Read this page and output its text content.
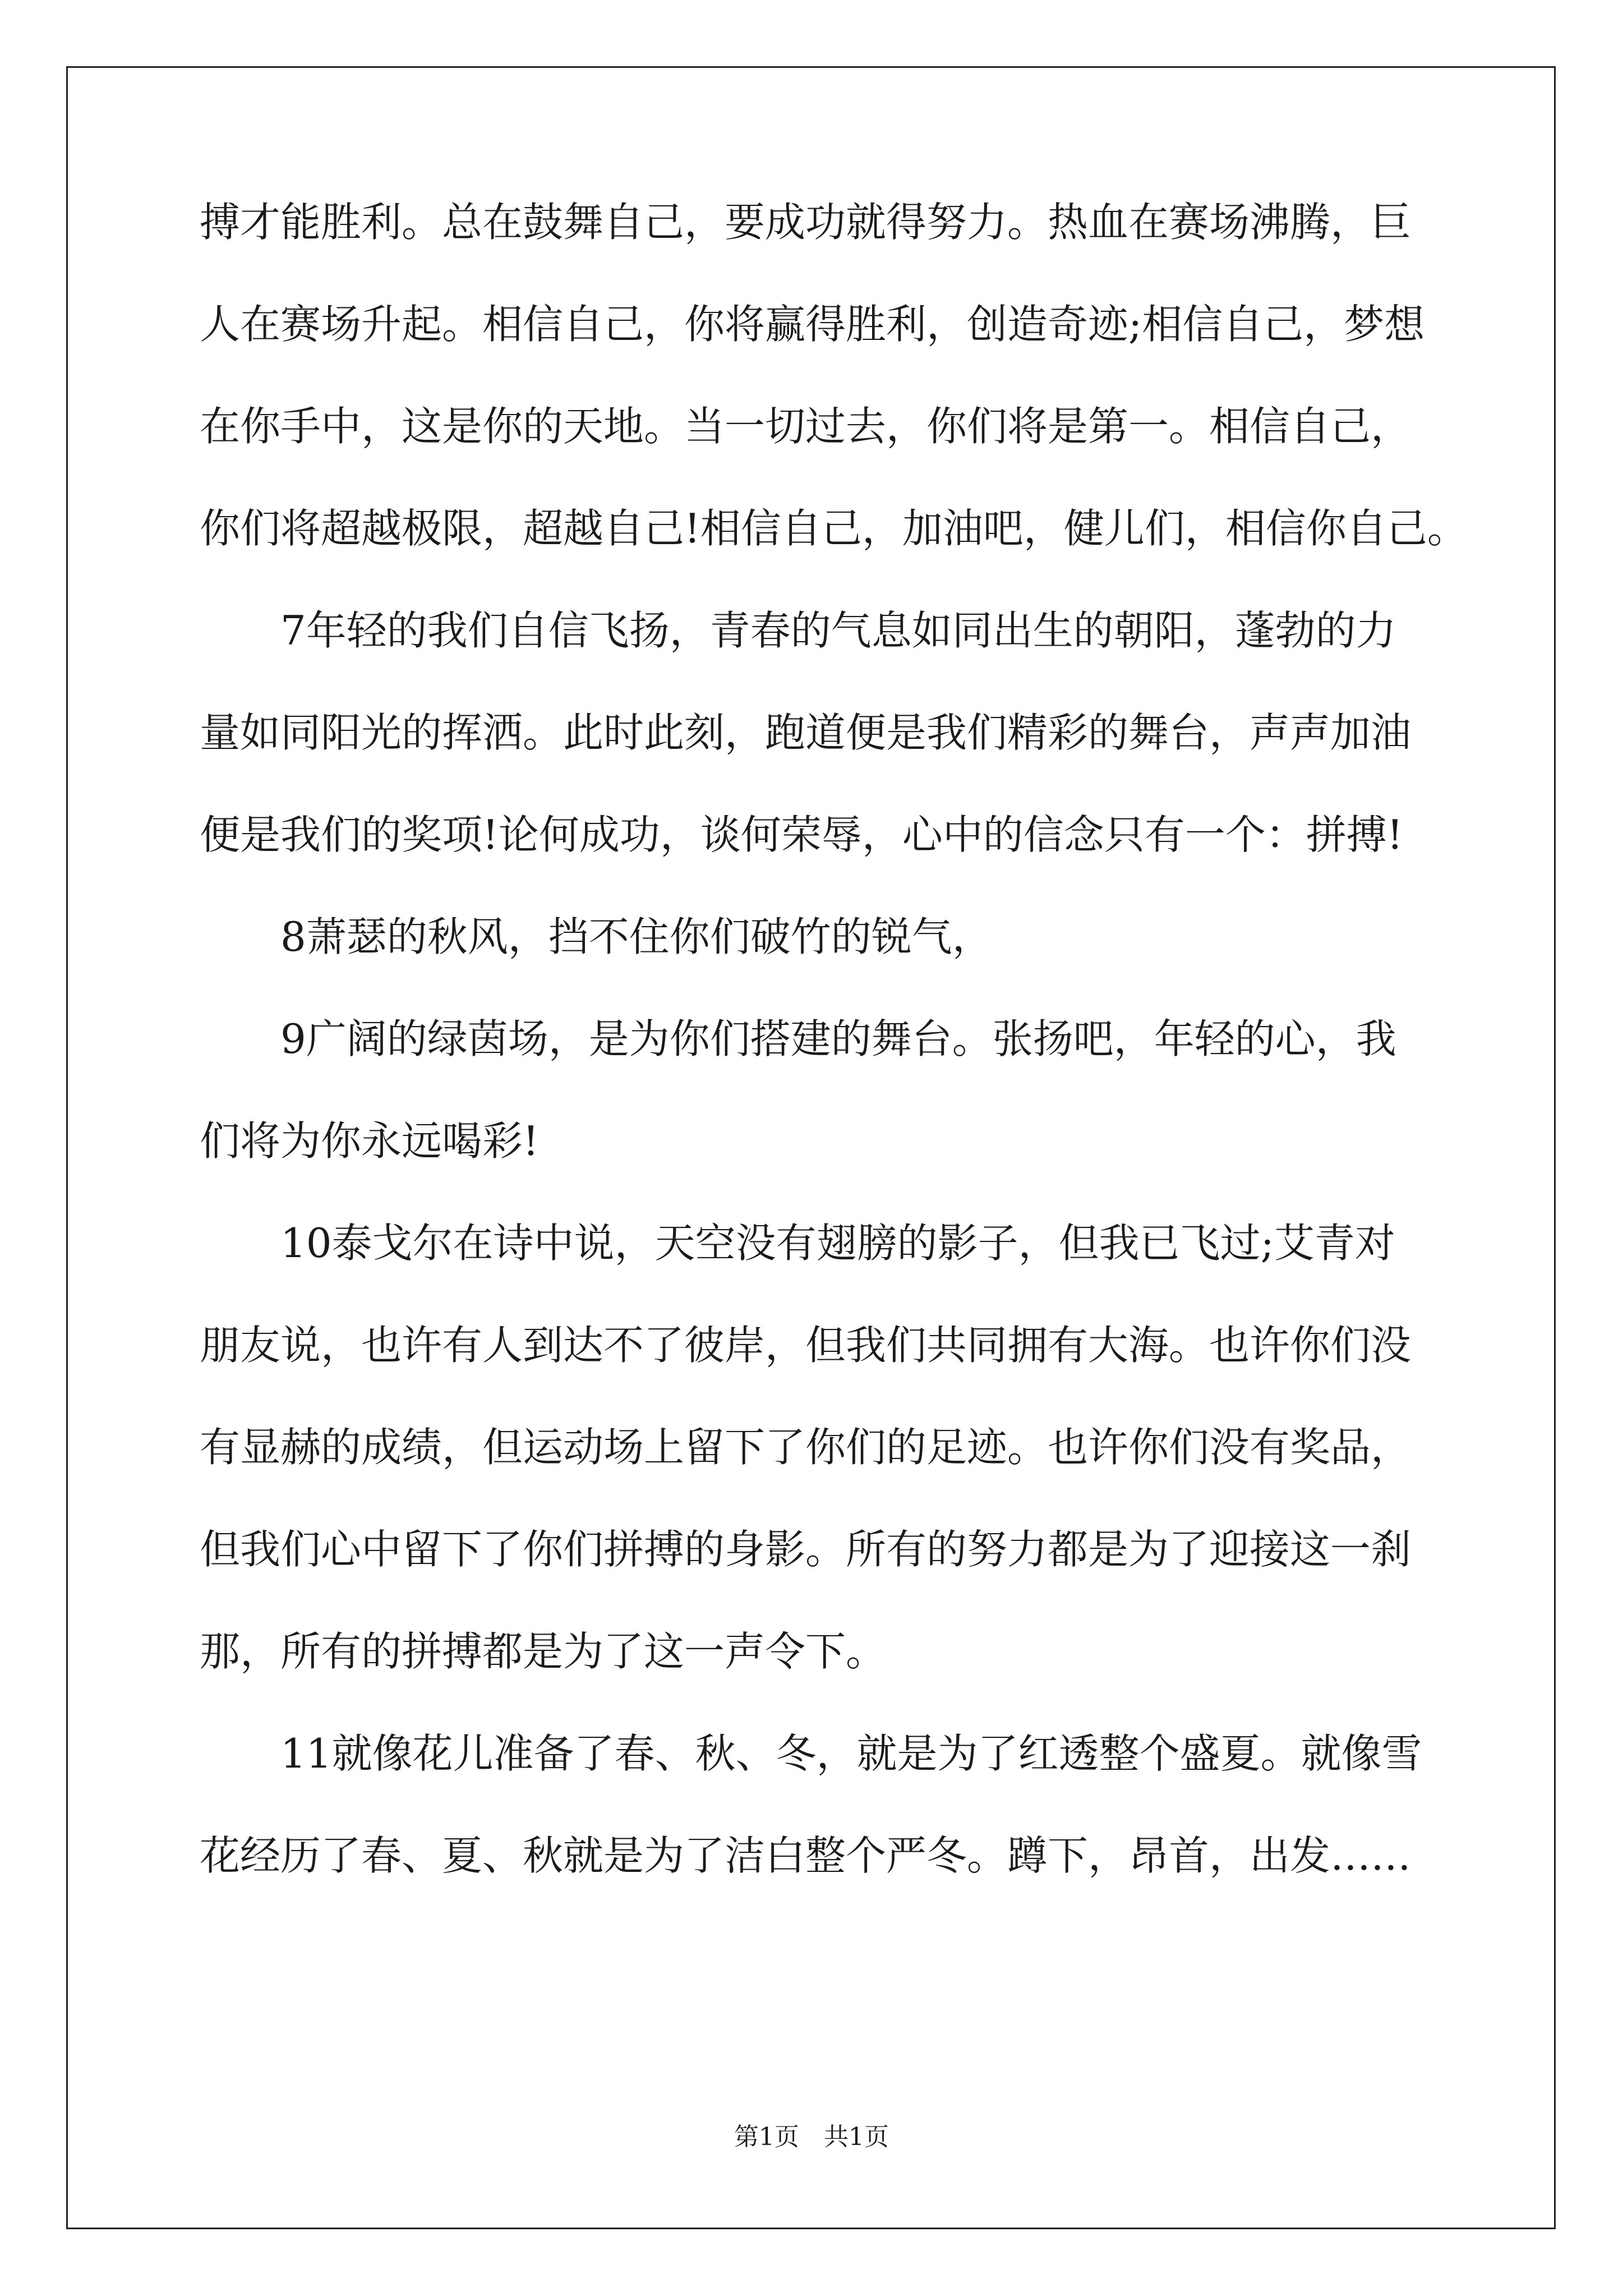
搏才能胜利。总在鼓舞自己，要成功就得努力。热血在赛场沸腾，巨
人在赛场升起。相信自己，你将赢得胜利，创造奇迹;相信自己，梦想
在你手中，这是你的天地。当一切过去，你们将是第一。相信自己，
你们将超越极限，超越自己!相信自己，加油吧，健儿们，相信你自己。
　　7年轻的我们自信飞扬，青春的气息如同出生的朝阳，蓬勃的力
量如同阳光的挥洒。此时此刻，跑道便是我们精彩的舞台，声声加油
便是我们的奖项!论何成功，谈何荣辱，心中的信念只有一个：拼搏!
　　8萧瑟的秋风，挡不住你们破竹的锐气，
　　9广阔的绿茵场，是为你们搭建的舞台。张扬吧，年轻的心，我
们将为你永远喝彩!
　　10泰戈尔在诗中说，天空没有翅膀的影子，但我已飞过;艾青对
朋友说，也许有人到达不了彼岸，但我们共同拥有大海。也许你们没
有显赫的成绩，但运动场上留下了你们的足迹。也许你们没有奖品，
但我们心中留下了你们拼搏的身影。所有的努力都是为了迎接这一刹
那，所有的拼搏都是为了这一声令下。
　　11就像花儿准备了春、秋、冬，就是为了红透整个盛夏。就像雪
花经历了春、夏、秋就是为了洁白整个严冬。蹲下，昂首，出发……
第1页　共1页
